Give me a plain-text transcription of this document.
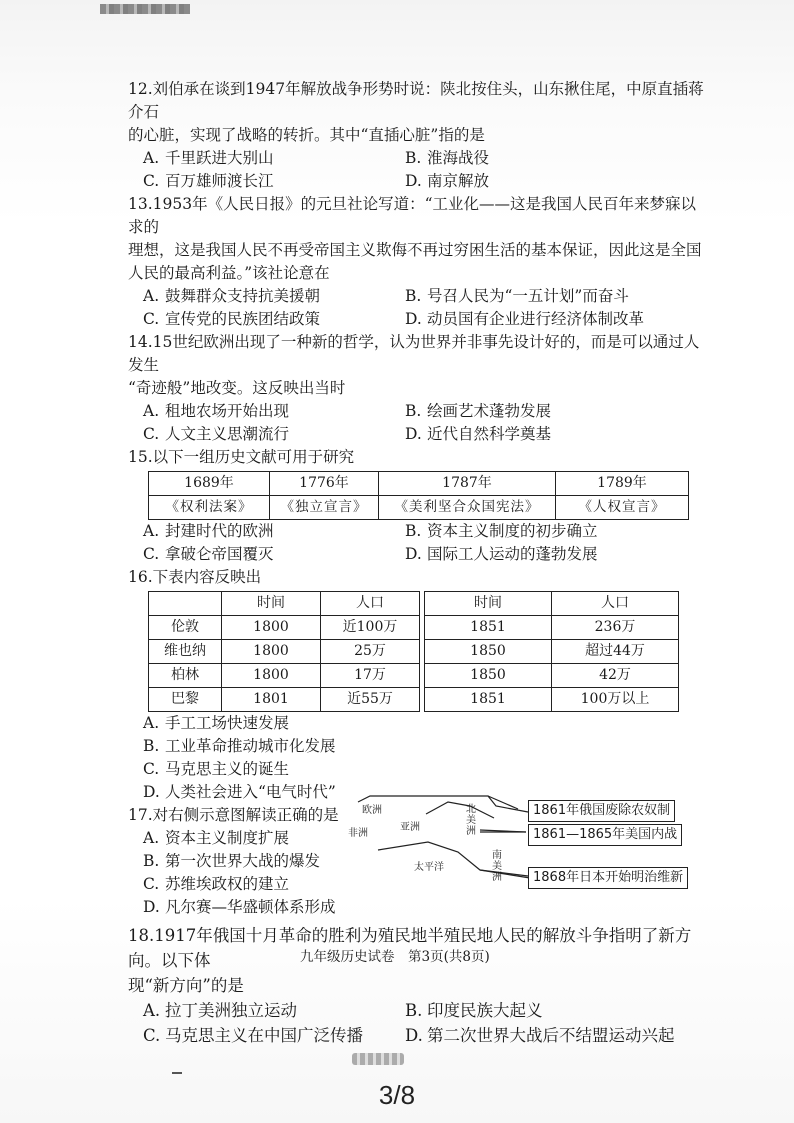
12.刘伯承在谈到1947年解放战争形势时说：陕北按住头，山东揪住尾，中原直插蒋介石

的心脏，实现了战略的转折。其中“直插心脏”指的是

A. 千里跃进大别山	B. 淮海战役
C. 百万雄师渡长江	D. 南京解放

13.1953年《人民日报》的元旦社论写道：“工业化——这是我国人民百年来梦寐以求的

理想，这是我国人民不再受帝国主义欺侮不再过穷困生活的基本保证，因此这是全国

人民的最高利益。”该社论意在

A. 鼓舞群众支持抗美援朝	B. 号召人民为“一五计划”而奋斗
C. 宣传党的民族团结政策	D. 动员国有企业进行经济体制改革

14.15世纪欧洲出现了一种新的哲学，认为世界并非事先设计好的，而是可以通过人发生

“奇迹般”地改变。这反映出当时

A. 租地农场开始出现	B. 绘画艺术蓬勃发展
C. 人文主义思潮流行	D. 近代自然科学奠基

15.以下一组历史文献可用于研究

1689年	1776年	1787年	1789年
《权利法案》	《独立宣言》	《美利坚合众国宪法》	《人权宣言》
A. 封建时代的欧洲	B. 资本主义制度的初步确立
C. 拿破仑帝国覆灭	D. 国际工人运动的蓬勃发展

16.下表内容反映出

	时间	人口		时间	人口
伦敦	1800	近100万		1851	236万
维也纳	1800	25万		1850	超过44万
柏林	1800	17万		1850	42万
巴黎	1801	近55万		1851	100万以上
A. 手工工场快速发展
B. 工业革命推动城市化发展
C. 马克思主义的诞生
D. 人类社会进入“电气时代”

17.对右侧示意图解读正确的是	欧洲
非洲
亚洲
北美洲
太平洋
南美洲
1861年俄国废除农奴制
1861—1865年美国内战
1868年日本开始明治维新
A. 资本主义制度扩展
B. 第一次世界大战的爆发
C. 苏维埃政权的建立
D. 凡尔赛—华盛顿体系形成

18.1917年俄国十月革命的胜利为殖民地半殖民地人民的解放斗争指明了新方向。以下体

现“新方向”的是

A. 拉丁美洲独立运动	B. 印度民族大起义
C. 马克思主义在中国广泛传播	D. 第二次世界大战后不结盟运动兴起
九年级历史试卷　第3页(共8页)
3/8
